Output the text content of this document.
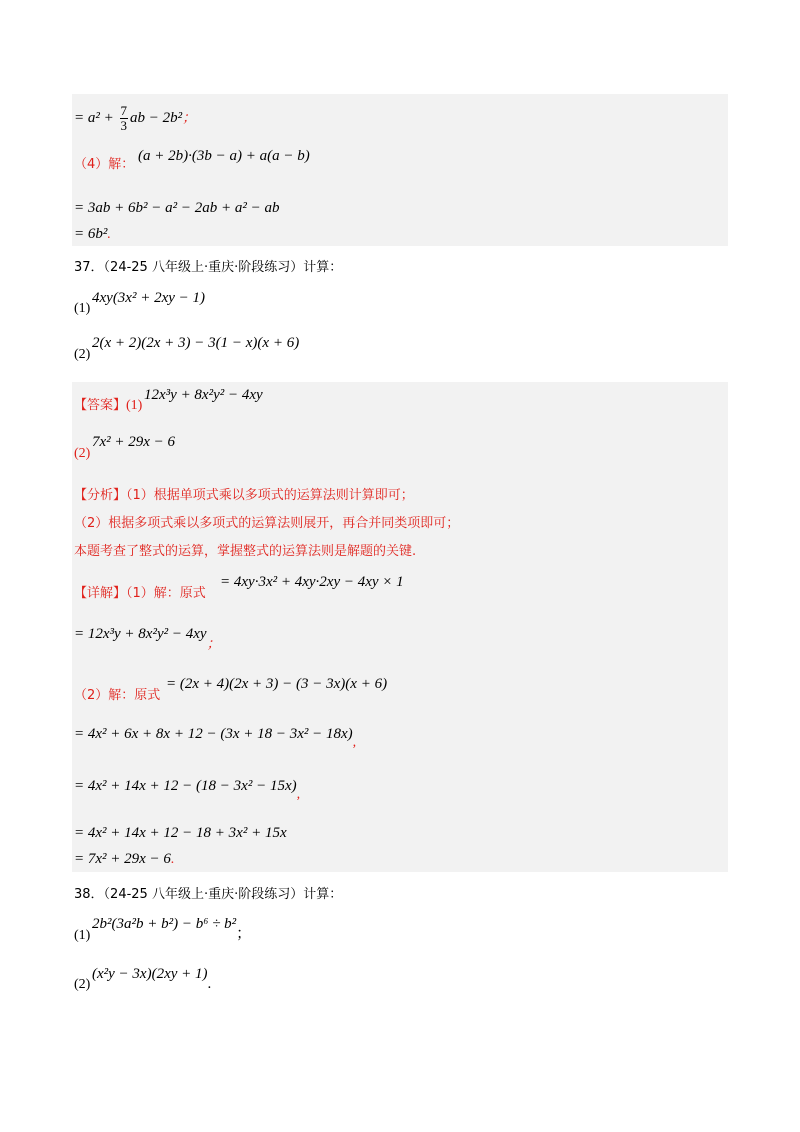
= $a^2 + \frac{7}{3}$ ab − 2b²；
（4）解：
(a + 2b)·(3b − a) + a(a − b)
= 3ab + 6b² − a² − 2ab + a² − ab
= 6b².
37．（24-25 八年级上·重庆·阶段练习）计算：
(1)
4xy(3x² + 2xy − 1)
(2)
2(x + 2)(2x + 3) − 3(1 − x)(x + 6)
【答案】(1)
12x³y + 8x²y² − 4xy
(2)
7x² + 29x − 6
【分析】（1）根据单项式乘以多项式的运算法则计算即可；
（2）根据多项式乘以多项式的运算法则展开，再合并同类项即可；
本题考查了整式的运算，掌握整式的运算法则是解题的关键.
【详解】（1）解：原式
= 4xy·3x² + 4xy·2xy − 4xy × 1
= 12x³y + 8x²y² − 4xy；
（2）解：原式
= (2x + 4)(2x + 3) − (3 − 3x)(x + 6)
= 4x² + 6x + 8x + 12 − (3x + 18 − 3x² − 18x),
= 4x² + 14x + 12 − (18 − 3x² − 15x),
= 4x² + 14x + 12 − 18 + 3x² + 15x
= 7x² + 29x − 6.
38．（24-25 八年级上·重庆·阶段练习）计算：
(1)
2b²(3a²b + b²) − b⁶ ÷ b²；
(2)
(x²y − 3x)(2xy + 1).
